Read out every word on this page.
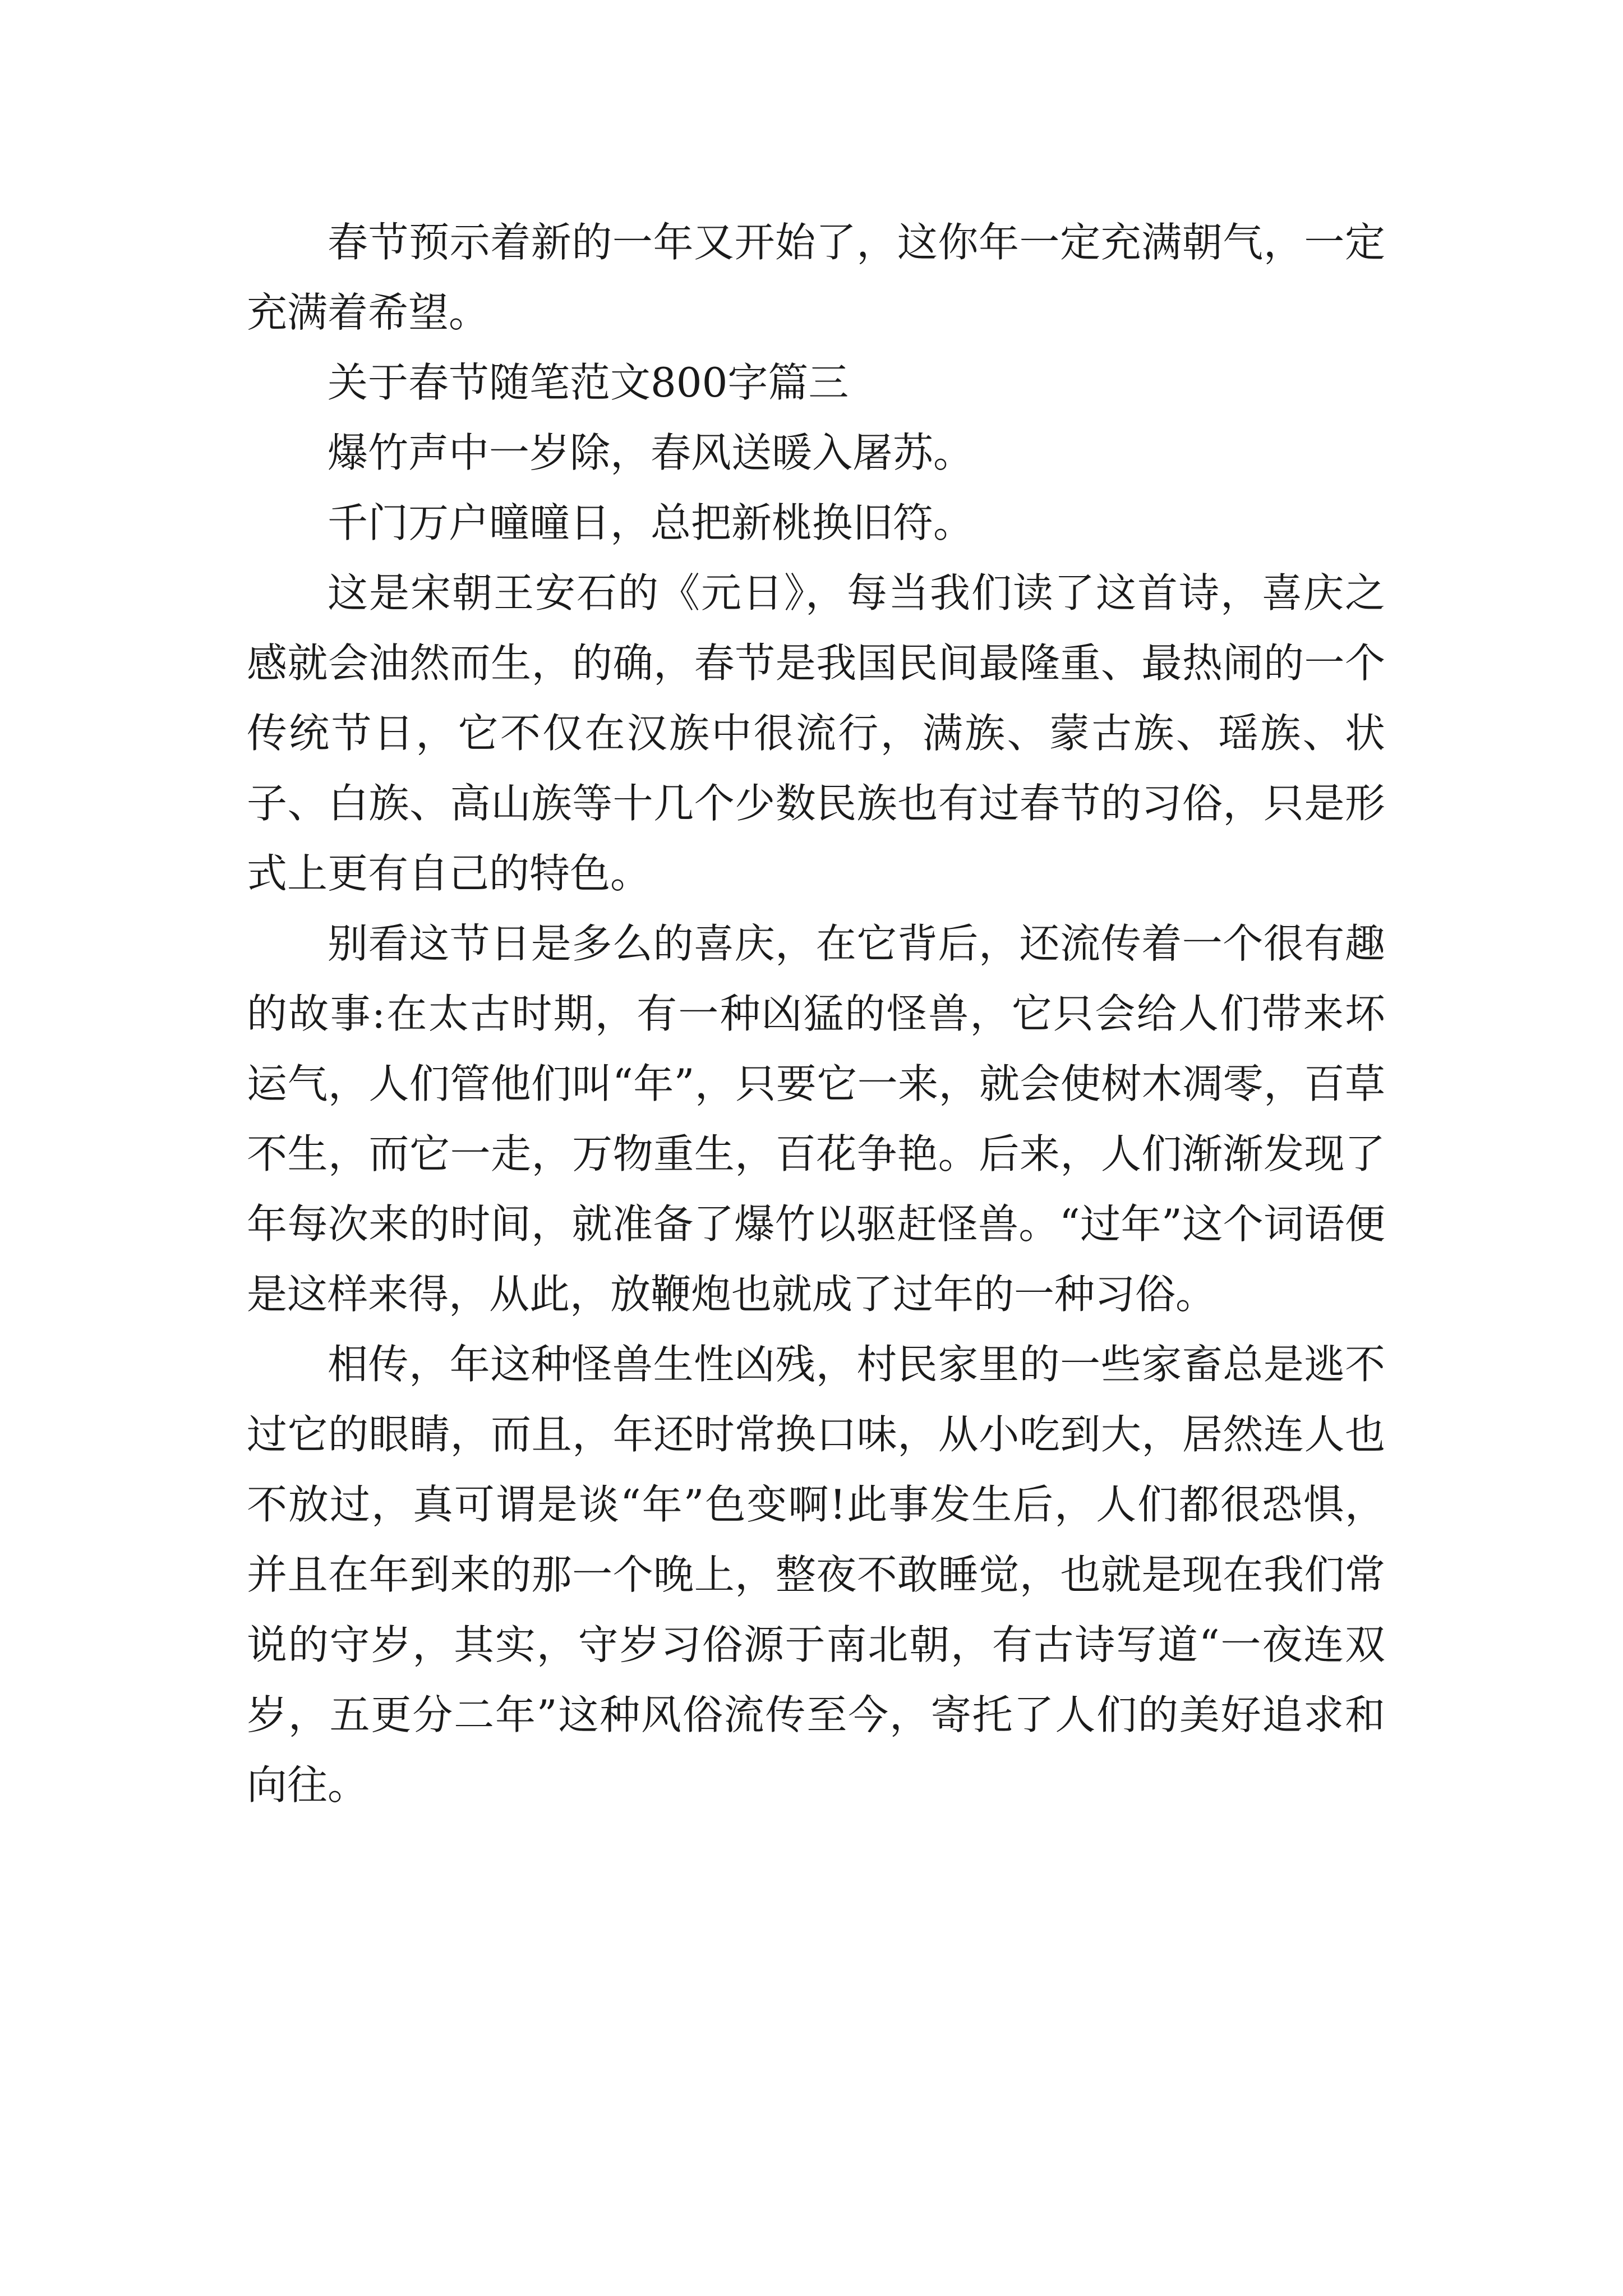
春节预示着新的一年又开始了，这你年一定充满朝气，一定充满着希望。

关于春节随笔范文800字篇三

爆竹声中一岁除，春风送暖入屠苏。

千门万户曈曈日，总把新桃换旧符。

这是宋朝王安石的《元日》，每当我们读了这首诗，喜庆之感就会油然而生，的确，春节是我国民间最隆重、最热闹的一个传统节日，它不仅在汉族中很流行，满族、蒙古族、瑶族、状子、白族、高山族等十几个少数民族也有过春节的习俗，只是形式上更有自己的特色。

别看这节日是多么的喜庆，在它背后，还流传着一个很有趣的故事:在太古时期，有一种凶猛的怪兽，它只会给人们带来坏运气，人们管他们叫“年”，只要它一来，就会使树木凋零，百草不生，而它一走，万物重生，百花争艳。后来，人们渐渐发现了年每次来的时间，就准备了爆竹以驱赶怪兽。“过年”这个词语便是这样来得，从此，放鞭炮也就成了过年的一种习俗。

相传，年这种怪兽生性凶残，村民家里的一些家畜总是逃不过它的眼睛，而且，年还时常换口味，从小吃到大，居然连人也不放过，真可谓是谈“年”色变啊!此事发生后，人们都很恐惧，并且在年到来的那一个晚上，整夜不敢睡觉，也就是现在我们常说的守岁，其实，守岁习俗源于南北朝，有古诗写道“一夜连双岁，五更分二年”这种风俗流传至今，寄托了人们的美好追求和向往。
